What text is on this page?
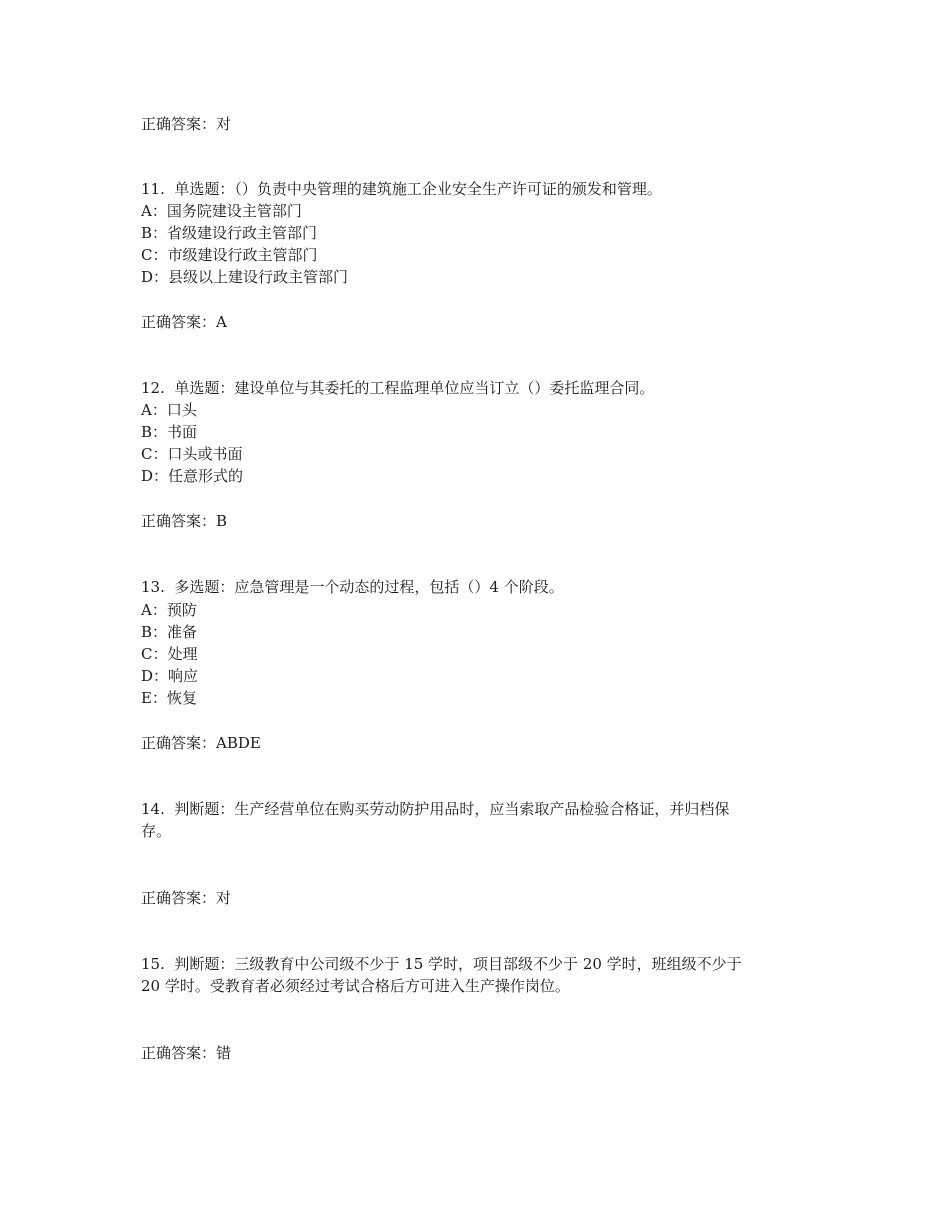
正确答案：对
11. 单选题：（）负责中央管理的建筑施工企业安全生产许可证的颁发和管理。
A：国务院建设主管部门
B：省级建设行政主管部门
C：市级建设行政主管部门
D：县级以上建设行政主管部门
正确答案：A
12. 单选题：建设单位与其委托的工程监理单位应当订立（）委托监理合同。
A：口头
B：书面
C：口头或书面
D：任意形式的
正确答案：B
13. 多选题：应急管理是一个动态的过程，包括（）4 个阶段。
A：预防
B：准备
C：处理
D：响应
E：恢复
正确答案：ABDE
14. 判断题：生产经营单位在购买劳动防护用品时，应当索取产品检验合格证，并归档保
存。
正确答案：对
15. 判断题：三级教育中公司级不少于 15 学时，项目部级不少于 20 学时，班组级不少于
20 学时。受教育者必须经过考试合格后方可进入生产操作岗位。
正确答案：错
